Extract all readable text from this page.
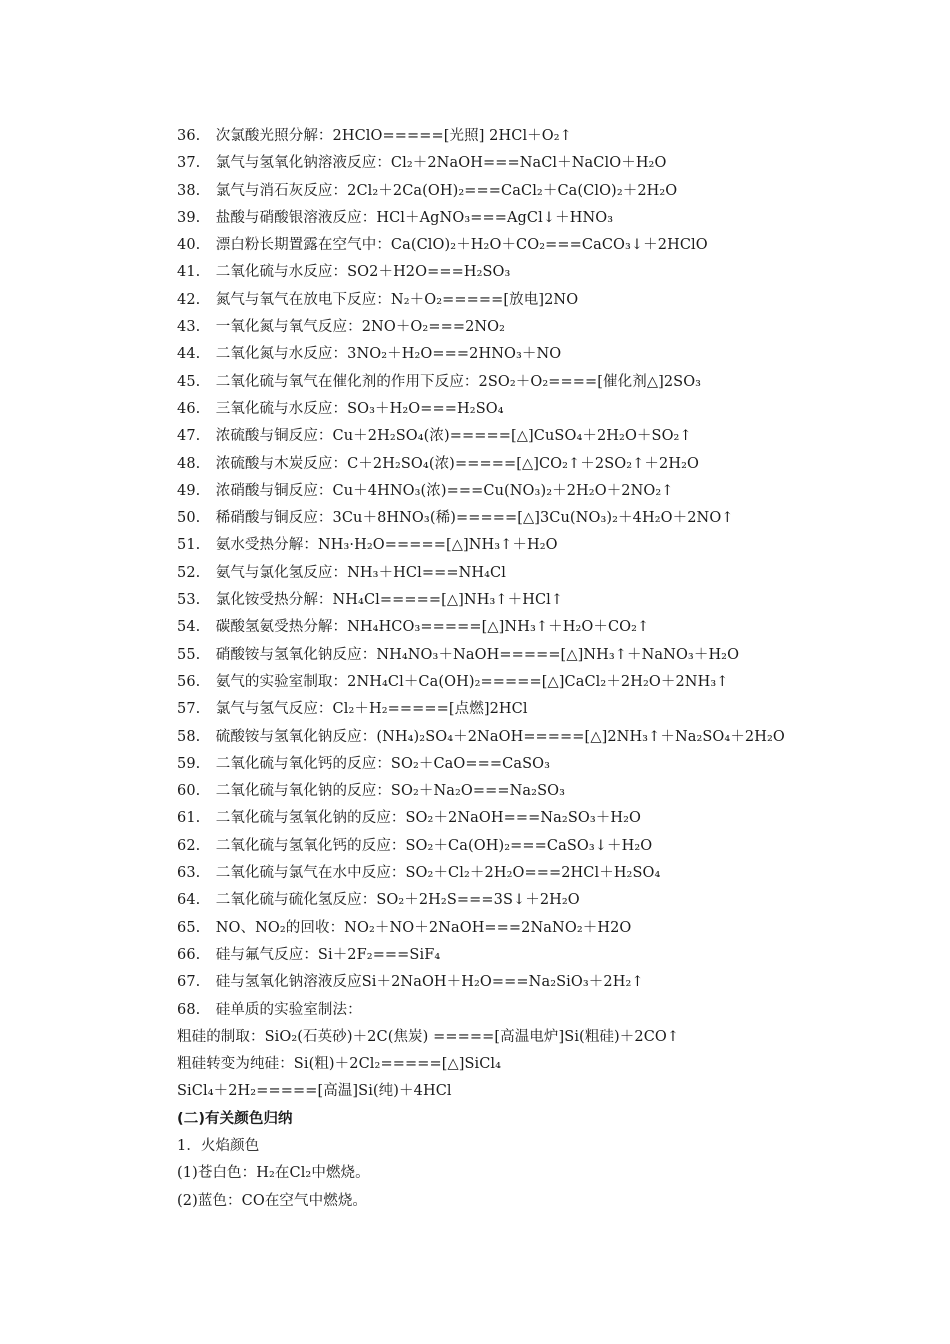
36. 次氯酸光照分解：2HClO=====[光照] 2HCl＋O₂↑
37. 氯气与氢氧化钠溶液反应：Cl₂＋2NaOH===NaCl＋NaClO＋H₂O
38. 氯气与消石灰反应：2Cl₂＋2Ca(OH)₂===CaCl₂＋Ca(ClO)₂＋2H₂O
39. 盐酸与硝酸银溶液反应：HCl＋AgNO₃===AgCl↓＋HNO₃
40. 漂白粉长期置露在空气中：Ca(ClO)₂＋H₂O＋CO₂===CaCO₃↓＋2HClO
41. 二氧化硫与水反应：SO2＋H2O===H₂SO₃
42. 氮气与氧气在放电下反应：N₂＋O₂=====[放电]2NO
43. 一氧化氮与氧气反应：2NO＋O₂===2NO₂
44. 二氧化氮与水反应：3NO₂＋H₂O===2HNO₃＋NO
45. 二氧化硫与氧气在催化剂的作用下反应：2SO₂＋O₂====[催化剂△]2SO₃
46. 三氧化硫与水反应：SO₃＋H₂O===H₂SO₄
47. 浓硫酸与铜反应：Cu＋2H₂SO₄(浓)=====[△]CuSO₄＋2H₂O＋SO₂↑
48. 浓硫酸与木炭反应：C＋2H₂SO₄(浓)=====[△]CO₂↑＋2SO₂↑＋2H₂O
49. 浓硝酸与铜反应：Cu＋4HNO₃(浓)===Cu(NO₃)₂＋2H₂O＋2NO₂↑
50. 稀硝酸与铜反应：3Cu＋8HNO₃(稀)=====[△]3Cu(NO₃)₂＋4H₂O＋2NO↑
51. 氨水受热分解：NH₃·H₂O=====[△]NH₃↑＋H₂O
52. 氨气与氯化氢反应：NH₃＋HCl===NH₄Cl
53. 氯化铵受热分解：NH₄Cl=====[△]NH₃↑＋HCl↑
54. 碳酸氢氨受热分解：NH₄HCO₃=====[△]NH₃↑＋H₂O＋CO₂↑
55. 硝酸铵与氢氧化钠反应：NH₄NO₃＋NaOH=====[△]NH₃↑＋NaNO₃＋H₂O
56. 氨气的实验室制取：2NH₄Cl＋Ca(OH)₂=====[△]CaCl₂＋2H₂O＋2NH₃↑
57. 氯气与氢气反应：Cl₂＋H₂=====[点燃]2HCl
58. 硫酸铵与氢氧化钠反应：(NH₄)₂SO₄＋2NaOH=====[△]2NH₃↑＋Na₂SO₄＋2H₂O
59. 二氧化硫与氧化钙的反应：SO₂＋CaO===CaSO₃
60. 二氧化硫与氧化钠的反应：SO₂＋Na₂O===Na₂SO₃
61. 二氧化硫与氢氧化钠的反应：SO₂＋2NaOH===Na₂SO₃＋H₂O
62. 二氧化硫与氢氧化钙的反应：SO₂＋Ca(OH)₂===CaSO₃↓＋H₂O
63. 二氧化硫与氯气在水中反应：SO₂＋Cl₂＋2H₂O===2HCl＋H₂SO₄
64. 二氧化硫与硫化氢反应：SO₂＋2H₂S===3S↓＋2H₂O
65. NO、NO₂的回收：NO₂＋NO＋2NaOH===2NaNO₂＋H2O
66. 硅与氟气反应：Si＋2F₂===SiF₄
67. 硅与氢氧化钠溶液反应Si＋2NaOH＋H₂O===Na₂SiO₃＋2H₂↑
68. 硅单质的实验室制法：
粗硅的制取：SiO₂(石英砂)＋2C(焦炭) =====[高温电炉]Si(粗硅)＋2CO↑
粗硅转变为纯硅：Si(粗)＋2Cl₂=====[△]SiCl₄
SiCl₄＋2H₂=====[高温]Si(纯)＋4HCl
(二)有关颜色归纳
1．火焰颜色
(1)苍白色：H₂在Cl₂中燃烧。
(2)蓝色：CO在空气中燃烧。
